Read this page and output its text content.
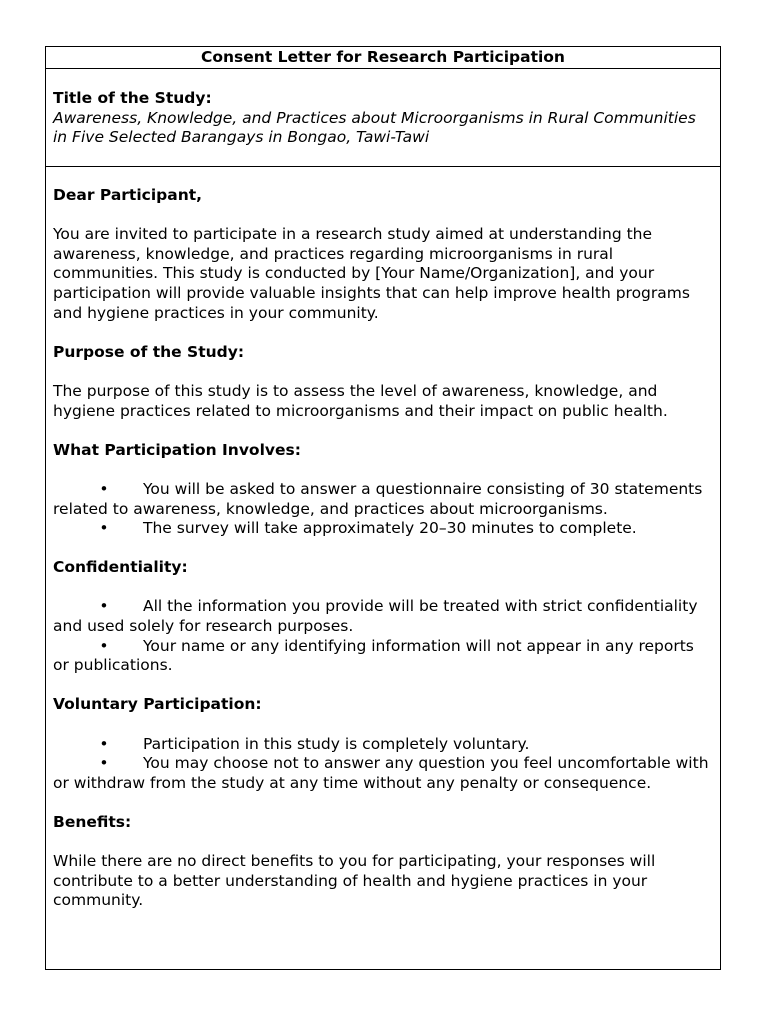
Consent Letter for Research Participation
Title of the Study:
Awareness, Knowledge, and Practices about Microorganisms in Rural Communities in Five Selected Barangays in Bongao, Tawi-Tawi

Dear Participant,

You are invited to participate in a research study aimed at understanding the awareness, knowledge, and practices regarding microorganisms in rural communities. This study is conducted by [Your Name/Organization], and your participation will provide valuable insights that can help improve health programs and hygiene practices in your community.

Purpose of the Study:

The purpose of this study is to assess the level of awareness, knowledge, and hygiene practices related to microorganisms and their impact on public health.

What Participation Involves:

• You will be asked to answer a questionnaire consisting of 30 statements related to awareness, knowledge, and practices about microorganisms.
• The survey will take approximately 20–30 minutes to complete.

Confidentiality:

• All the information you provide will be treated with strict confidentiality and used solely for research purposes.
• Your name or any identifying information will not appear in any reports or publications.

Voluntary Participation:

• Participation in this study is completely voluntary.
• You may choose not to answer any question you feel uncomfortable with or withdraw from the study at any time without any penalty or consequence.

Benefits:

While there are no direct benefits to you for participating, your responses will contribute to a better understanding of health and hygiene practices in your community.
